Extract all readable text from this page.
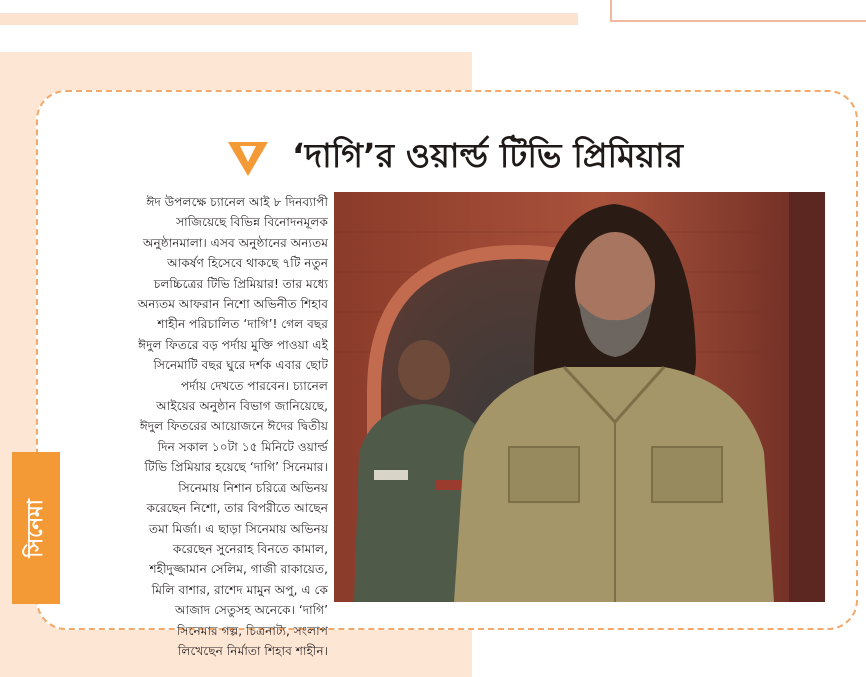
‘দাগি’র ওয়ার্ল্ড টিভি প্রিমিয়ার
ঈদ উপলক্ষে চ্যানেল আই ৮ দিনব্যাপী
সাজিয়েছে বিভিন্ন বিনোদনমূলক
অনুষ্ঠানমালা। এসব অনুষ্ঠানের অন্যতম
আকর্ষণ হিসেবে থাকছে ৭টি নতুন
চলচ্চিত্রের টিভি প্রিমিয়ার! তার মধ্যে
অন্যতম আফরান নিশো অভিনীত শিহাব
শাহীন পরিচালিত ‘দাগি’! গেল বছর
ঈদুল ফিতরে বড় পর্দায় মুক্তি পাওয়া এই
সিনেমাটি বছর ঘুরে দর্শক এবার ছোট
পর্দায় দেখতে পারবেন। চ্যানেল
আইয়ের অনুষ্ঠান বিভাগ জানিয়েছে,
ঈদুল ফিতরের আয়োজনে ঈদের দ্বিতীয়
দিন সকাল ১০টা ১৫ মিনিটে ওয়ার্ল্ড
টিভি প্রিমিয়ার হয়েছে ‘দাগি’ সিনেমার।
সিনেমায় নিশান চরিত্রে অভিনয়
করেছেন নিশো, তার বিপরীতে আছেন
তমা মির্জা। এ ছাড়া সিনেমায় অভিনয়
করেছেন সুনেরাহ বিনতে কামাল,
শহীদুজ্জামান সেলিম, গাজী রাকায়েত,
মিলি বাশার, রাশেদ মামুন অপু, এ কে
আজাদ সেতুসহ অনেকে। ‘দাগি’
সিনেমার গল্প, চিত্রনাট্য, সংলাপ
লিখেছেন নির্মাতা শিহাব শাহীন।
সিনেমা
